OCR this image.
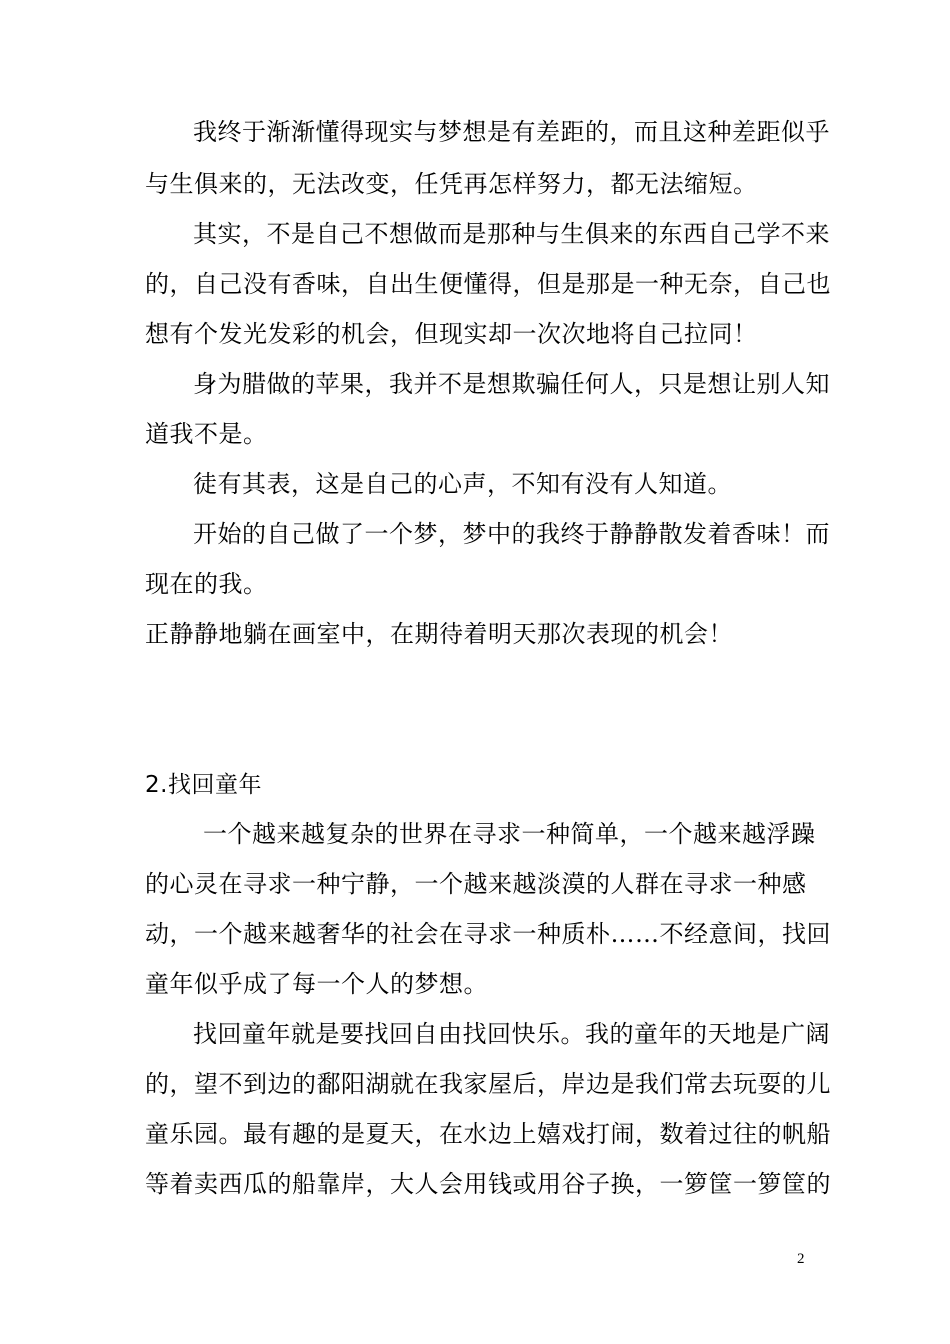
我终于渐渐懂得现实与梦想是有差距的，而且这种差距似乎
与生俱来的，无法改变，任凭再怎样努力，都无法缩短。
其实，不是自己不想做而是那种与生俱来的东西自己学不来
的，自己没有香味，自出生便懂得，但是那是一种无奈，自己也
想有个发光发彩的机会，但现实却一次次地将自己拉同！
身为腊做的苹果，我并不是想欺骗任何人，只是想让别人知
道我不是。
徒有其表，这是自己的心声，不知有没有人知道。
开始的自己做了一个梦，梦中的我终于静静散发着香味！而
现在的我。
正静静地躺在画室中，在期待着明天那次表现的机会！
2.找回童年
一个越来越复杂的世界在寻求一种简单，一个越来越浮躁
的心灵在寻求一种宁静，一个越来越淡漠的人群在寻求一种感
动，一个越来越奢华的社会在寻求一种质朴……不经意间，找回
童年似乎成了每一个人的梦想。
找回童年就是要找回自由找回快乐。我的童年的天地是广阔
的，望不到边的鄱阳湖就在我家屋后，岸边是我们常去玩耍的儿
童乐园。最有趣的是夏天，在水边上嬉戏打闹，数着过往的帆船
等着卖西瓜的船靠岸，大人会用钱或用谷子换，一箩筐一箩筐的
2
